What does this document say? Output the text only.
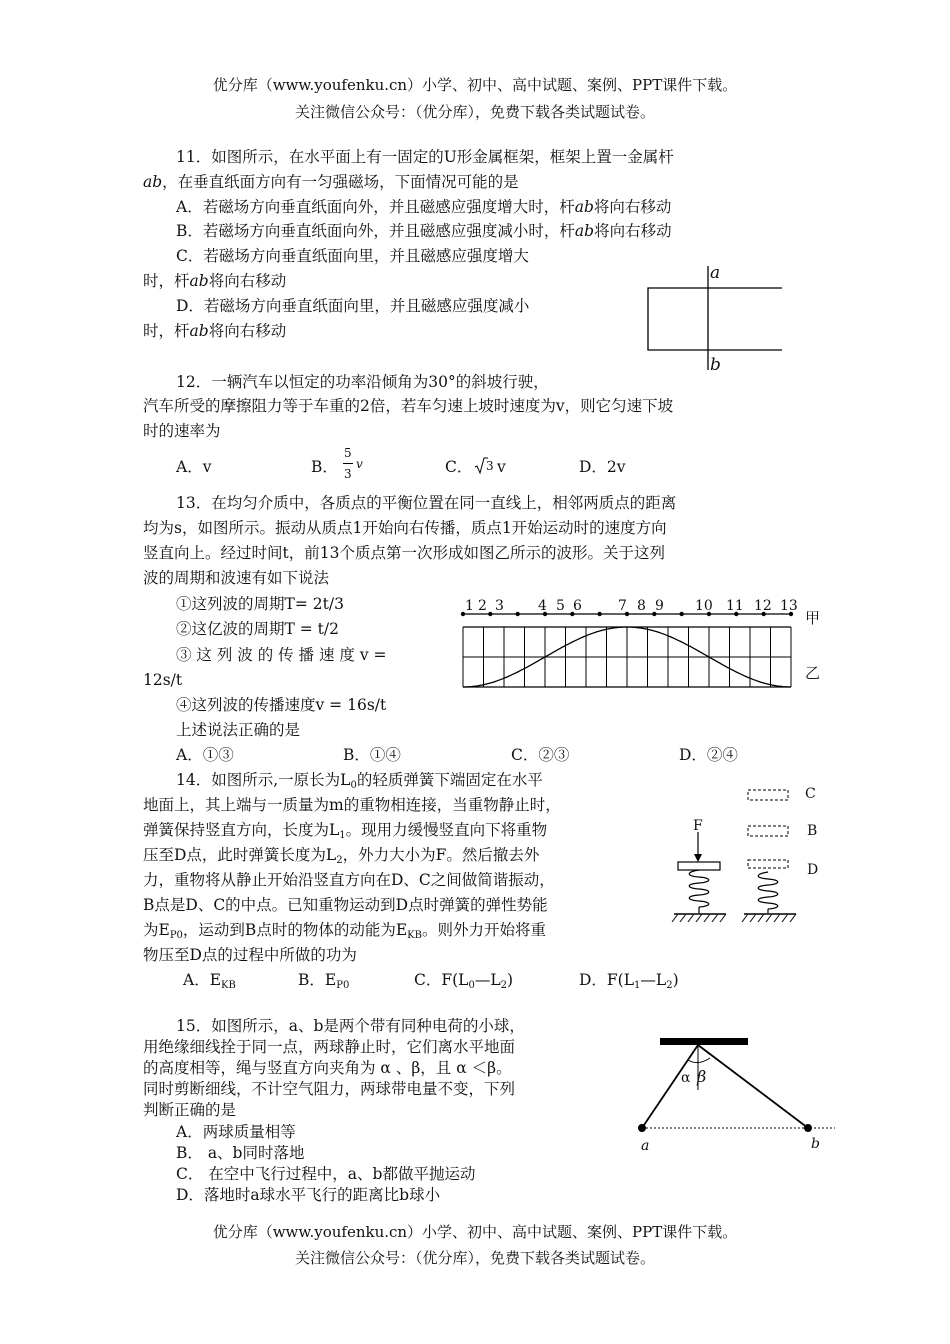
优分库（www.youfenku.cn）小学、初中、高中试题、案例、PPT课件下载。
关注微信公众号：（优分库），免费下载各类试题试卷。
11．如图所示，在水平面上有一固定的U形金属框架，框架上置一金属杆
ab，在垂直纸面方向有一匀强磁场，下面情况可能的是
A．若磁场方向垂直纸面向外，并且磁感应强度增大时，杆ab将向右移动
B．若磁场方向垂直纸面向外，并且磁感应强度减小时，杆ab将向右移动
C．若磁场方向垂直纸面向里，并且磁感应强度增大
时，杆ab将向右移动
D．若磁场方向垂直纸面向里，并且磁感应强度减小
时，杆ab将向右移动
a
b
12．一辆汽车以恒定的功率沿倾角为30°的斜坡行驶，
汽车所受的摩擦阻力等于车重的2倍，若车匀速上坡时速度为v，则它匀速下坡
时的速率为
A．v	B．
5
3
v	C． 3 v	D．2v
13．在均匀介质中，各质点的平衡位置在同一直线上，相邻两质点的距离
均为s，如图所示。振动从质点1开始向右传播，质点1开始运动时的速度方向
竖直向上。经过时间t，前13个质点第一次形成如图乙所示的波形。关于这列
波的周期和波速有如下说法
①这列波的周期T= 2t/3
②这亿波的周期T = t/2
③ 这 列 波 的 传 播 速 度 v =
12s/t
④这列波的传播速度v = 16s/t
上述说法正确的是
A．①③	B．①④	C．②③	D．②④
1 2 3 4 5 6	7 8 9 10 11 12 13
甲
乙
14．如图所示,一原长为$L_0$的轻质弹簧下端固定在水平
地面上，其上端与一质量为m的重物相连接，当重物静止时，
弹簧保持竖直方向，长度为$L_1$。现用力缓慢竖直向下将重物
压至D点，此时弹簧长度为$L_2$，外力大小为F。然后撤去外
力，重物将从静止开始沿竖直方向在D、C之间做简谐振动，
B点是D、C的中点。已知重物运动到D点时弹簧的弹性势能
为$E_{P0}$，运动到B点时的物体的动能为$E_{KB}$。则外力开始将重
物压至D点的过程中所做的功为
A．$E_{KB}$	B．$E_{P0}$	C．$F(L_0—L_2)$	D．$F(L_1—L_2)$
C
B
D
F
15．如图所示，a、b是两个带有同种电荷的小球，
用绝缘细线拴于同一点，两球静止时，它们离水平地面
的高度相等，绳与竖直方向夹角为 α 、β，且 α ＜β。
同时剪断细线，不计空气阻力，两球带电量不变，下列
判断正确的是
A．两球质量相等
B． a、b同时落地
C． 在空中飞行过程中，a、b都做平抛运动
D．落地时a球水平飞行的距离比b球小
α β
a	b
优分库（www.youfenku.cn）小学、初中、高中试题、案例、PPT课件下载。
关注微信公众号：（优分库），免费下载各类试题试卷。
